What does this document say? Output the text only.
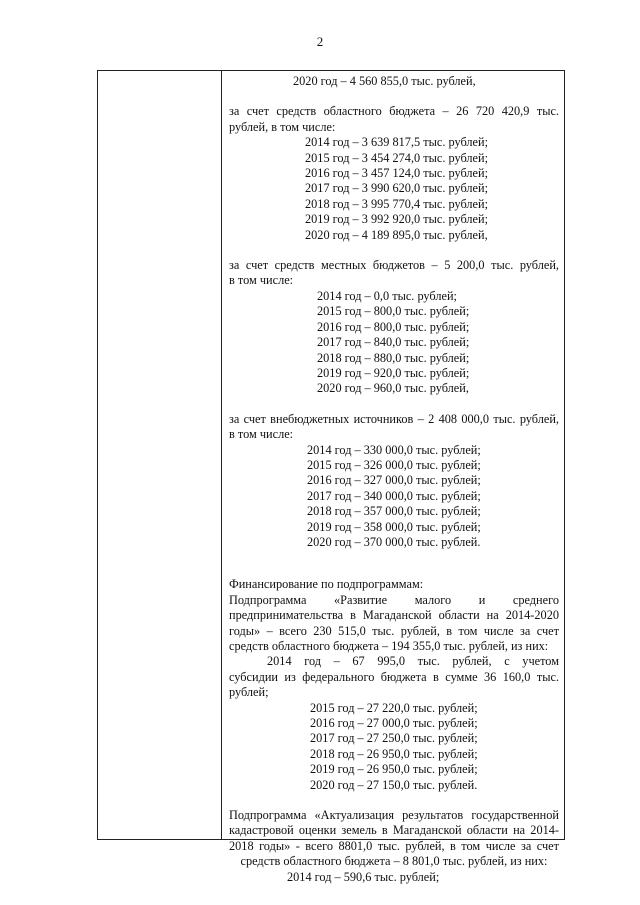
2
2020 год – 4 560 855,0 тыс. рублей,
за счет средств областного бюджета – 26 720 420,9 тыс.
рублей, в том числе:
2014 год – 3 639 817,5 тыс. рублей;
2015 год – 3 454 274,0 тыс. рублей;
2016 год – 3 457 124,0 тыс. рублей;
2017 год – 3 990 620,0 тыс. рублей;
2018 год – 3 995 770,4 тыс. рублей;
2019 год – 3 992 920,0 тыс. рублей;
2020 год – 4 189 895,0 тыс. рублей,
за счет средств местных бюджетов – 5 200,0 тыс. рублей,
в том числе:
2014 год – 0,0 тыс. рублей;
2015 год – 800,0 тыс. рублей;
2016 год – 800,0 тыс. рублей;
2017 год – 840,0 тыс. рублей;
2018 год – 880,0 тыс. рублей;
2019 год – 920,0 тыс. рублей;
2020 год – 960,0 тыс. рублей,
за счет внебюджетных источников – 2 408 000,0 тыс. рублей,
в том числе:
2014 год – 330 000,0 тыс. рублей;
2015 год – 326 000,0 тыс. рублей;
2016 год – 327 000,0 тыс. рублей;
2017 год – 340 000,0 тыс. рублей;
2018 год – 357 000,0 тыс. рублей;
2019 год – 358 000,0 тыс. рублей;
2020 год – 370 000,0 тыс. рублей.
Финансирование по подпрограммам:
Подпрограмма «Развитие малого и среднего
предпринимательства в Магаданской области на 2014-2020
годы» – всего 230 515,0 тыс. рублей, в том числе за счет
средств областного бюджета – 194 355,0 тыс. рублей, из них:
2014 год – 67 995,0 тыс. рублей, с учетом
субсидии из федерального бюджета в сумме 36 160,0 тыс.
рублей;
2015 год – 27 220,0 тыс. рублей;
2016 год – 27 000,0 тыс. рублей;
2017 год – 27 250,0 тыс. рублей;
2018 год – 26 950,0 тыс. рублей;
2019 год – 26 950,0 тыс. рублей;
2020 год – 27 150,0 тыс. рублей.
Подпрограмма «Актуализация результатов государственной
кадастровой оценки земель в Магаданской области на 2014-
2018 годы» - всего 8801,0 тыс. рублей, в том числе за счет
средств областного бюджета – 8 801,0 тыс. рублей, из них:
2014 год – 590,6 тыс. рублей;
